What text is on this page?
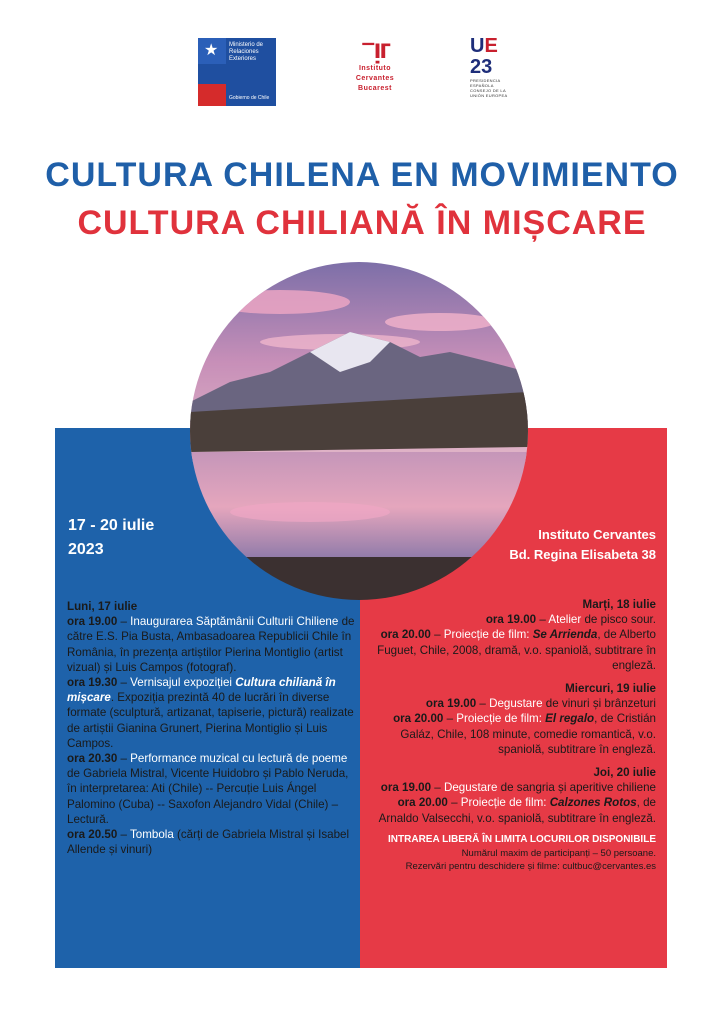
★ Ministerio de Relaciones Exteriores
Gobierno de Chile
⁻ᴉᴦ
Instituto
Cervantes
Bucarest
UE
23
PRESIDENCIA
ESPAÑOLA
CONSEJO DE LA
UNIÓN EUROPEA
CULTURA CHILENA EN MOVIMIENTO
CULTURA CHILIANĂ ÎN MIȘCARE
17 - 20 iulie
2023
Instituto Cervantes
Bd. Regina Elisabeta 38
Luni, 17 iulie
ora 19.00 – Inaugurarea Săptămânii Culturii Chiliene de către E.S. Pia Busta, Ambasadoarea Republicii Chile în România, în prezența artiștilor Pierina Montiglio (artist vizual) și Luis Campos (fotograf).
ora 19.30 – Vernisajul expoziției Cultura chiliană în mișcare. Expoziția prezintă 40 de lucrări în diverse formate (sculptură, artizanat, tapiserie, pictură) realizate de artiștii Gianina Grunert, Pierina Montiglio și Luis Campos.
ora 20.30 – Performance muzical cu lectură de poeme de Gabriela Mistral, Vicente Huidobro și Pablo Neruda, în interpretarea: Ati (Chile) -- Percuție Luis Ángel Palomino (Cuba) -- Saxofon Alejandro Vidal (Chile) – Lectură.
ora 20.50 – Tombola (cărți de Gabriela Mistral și Isabel Allende și vinuri)
Marți, 18 iulie
ora 19.00 – Atelier de pisco sour.
ora 20.00 – Proiecție de film: Se Arrienda, de Alberto Fuguet, Chile, 2008, dramă, v.o. spaniolă, subtitrare în engleză.
Miercuri, 19 iulie
ora 19.00 – Degustare de vinuri și brânzeturi
ora 20.00 – Proiecție de film: El regalo, de Cristián Galáz, Chile, 108 minute, comedie romantică, v.o. spaniolă, subtitrare în engleză.
Joi, 20 iulie
ora 19.00 – Degustare de sangria și aperitive chiliene
ora 20.00 – Proiecție de film: Calzones Rotos, de Arnaldo Valsecchi, v.o. spaniolă, subtitrare în engleză.
INTRAREA LIBERĂ ÎN LIMITA LOCURILOR DISPONIBILE
Numărul maxim de participanți – 50 persoane.
Rezervări pentru deschidere și filme: cultbuc@cervantes.es
